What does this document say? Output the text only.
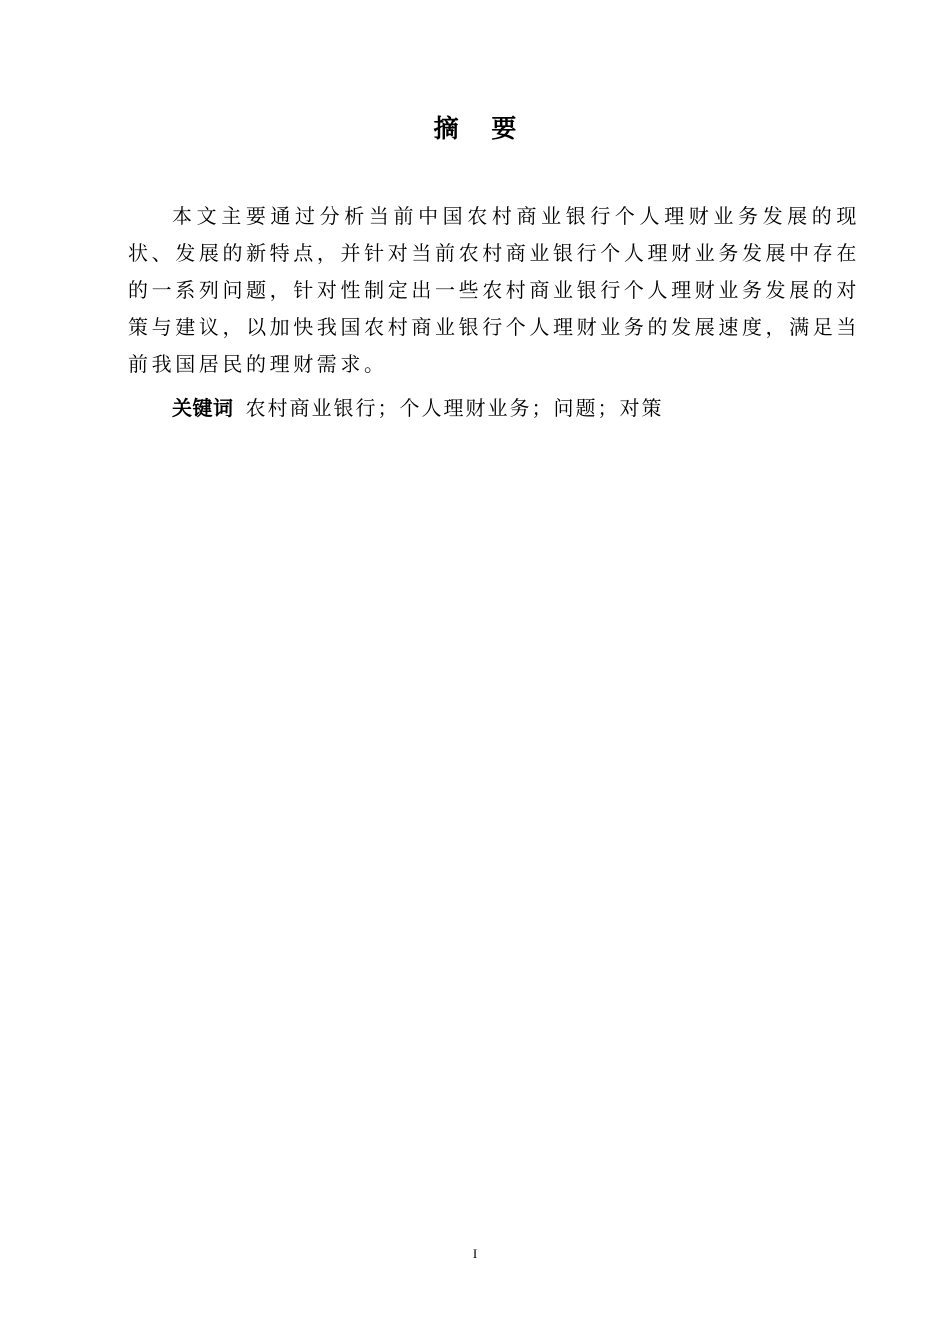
摘 要

本文主要通过分析当前中国农村商业银行个人理财业务发展的现状、发展的新特点，并针对当前农村商业银行个人理财业务发展中存在的一系列问题，针对性制定出一些农村商业银行个人理财业务发展的对策与建议，以加快我国农村商业银行个人理财业务的发展速度，满足当前我国居民的理财需求。

关键词 农村商业银行；个人理财业务；问题；对策
I
